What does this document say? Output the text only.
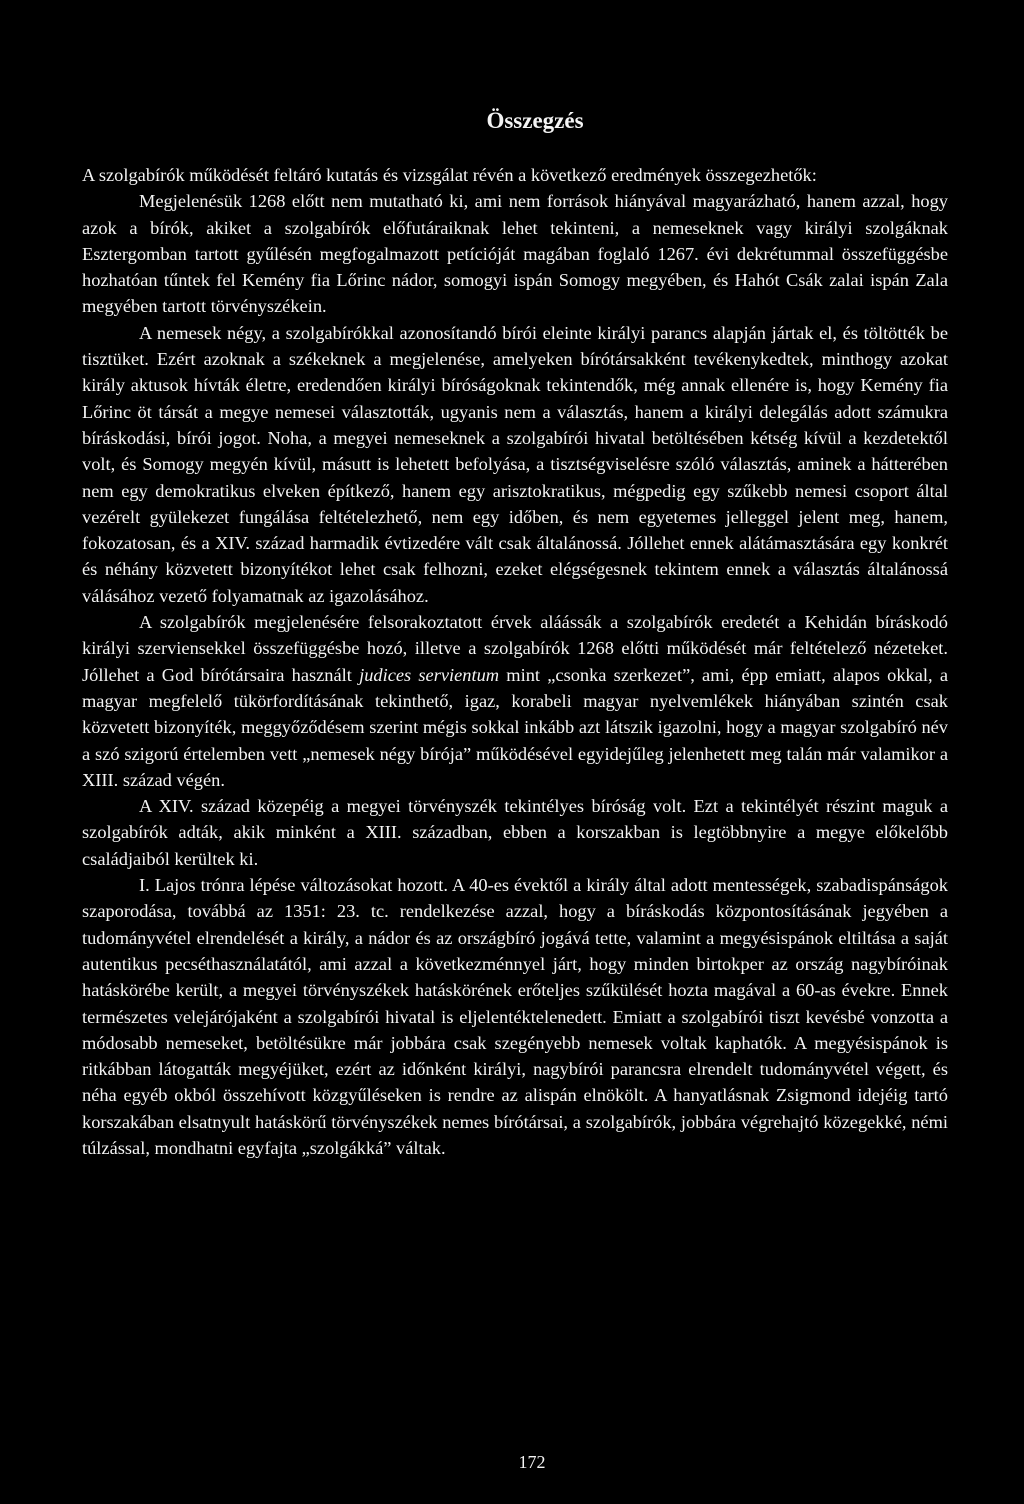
Összegzés

A szolgabírók működését feltáró kutatás és vizsgálat révén a következő eredmények összegezhetők:

Megjelenésük 1268 előtt nem mutatható ki, ami nem források hiányával magyarázható, hanem azzal, hogy azok a bírók, akiket a szolgabírók előfutáraiknak lehet tekinteni, a nemeseknek vagy királyi szolgáknak Esztergomban tartott gyűlésén megfogalmazott petícióját magában foglaló 1267. évi dekrétummal összefüggésbe hozhatóan tűntek fel Kemény fia Lőrinc nádor, somogyi ispán Somogy megyében, és Hahót Csák zalai ispán Zala megyében tartott törvényszékein.

A nemesek négy, a szolgabírókkal azonosítandó bírói eleinte királyi parancs alapján jártak el, és töltötték be tisztüket. Ezért azoknak a székeknek a megjelenése, amelyeken bírótársakként tevékenykedtek, minthogy azokat király aktusok hívták életre, eredendően királyi bíróságoknak tekintendők, még annak ellenére is, hogy Kemény fia Lőrinc öt társát a megye nemesei választották, ugyanis nem a választás, hanem a királyi delegálás adott számukra bíráskodási, bírói jogot. Noha, a megyei nemeseknek a szolgabírói hivatal betöltésében kétség kívül a kezdetektől volt, és Somogy megyén kívül, másutt is lehetett befolyása, a tisztségviselésre szóló választás, aminek a hátterében nem egy demokratikus elveken építkező, hanem egy arisztokratikus, mégpedig egy szűkebb nemesi csoport által vezérelt gyülekezet fungálása feltételezhető, nem egy időben, és nem egyetemes jelleggel jelent meg, hanem, fokozatosan, és a XIV. század harmadik évtizedére vált csak általánossá. Jóllehet ennek alátámasztására egy konkrét és néhány közvetett bizonyítékot lehet csak felhozni, ezeket elégségesnek tekintem ennek a választás általánossá válásához vezető folyamatnak az igazolásához.

A szolgabírók megjelenésére felsorakoztatott érvek aláássák a szolgabírók eredetét a Kehidán bíráskodó királyi szerviensekkel összefüggésbe hozó, illetve a szolgabírók 1268 előtti működését már feltételező nézeteket. Jóllehet a God bírótársaira használt judices servientum mint „csonka szerkezet”, ami, épp emiatt, alapos okkal, a magyar megfelelő tükörfordításának tekinthető, igaz, korabeli magyar nyelvemlékek hiányában szintén csak közvetett bizonyíték, meggyőződésem szerint mégis sokkal inkább azt látszik igazolni, hogy a magyar szolgabíró név a szó szigorú értelemben vett „nemesek négy bírója” működésével egyidejűleg jelenhetett meg talán már valamikor a XIII. század végén.

A XIV. század közepéig a megyei törvényszék tekintélyes bíróság volt. Ezt a tekintélyét részint maguk a szolgabírók adták, akik minként a XIII. században, ebben a korszakban is legtöbbnyire a megye előkelőbb családjaiból kerültek ki.

I. Lajos trónra lépése változásokat hozott. A 40-es évektől a király által adott mentességek, szabadispánságok szaporodása, továbbá az 1351: 23. tc. rendelkezése azzal, hogy a bíráskodás központosításának jegyében a tudományvétel elrendelését a király, a nádor és az országbíró jogává tette, valamint a megyésispánok eltiltása a saját autentikus pecséthasználatától, ami azzal a következménnyel járt, hogy minden birtokper az ország nagybíróinak hatáskörébe került, a megyei törvényszékek hatáskörének erőteljes szűkülését hozta magával a 60-as évekre. Ennek természetes velejárójaként a szolgabírói hivatal is eljelentéktelenedett. Emiatt a szolgabírói tiszt kevésbé vonzotta a módosabb nemeseket, betöltésükre már jobbára csak szegényebb nemesek voltak kaphatók. A megyésispánok is ritkábban látogatták megyéjüket, ezért az időnként királyi, nagybírói parancsra elrendelt tudományvétel végett, és néha egyéb okból összehívott közgyűléseken is rendre az alispán elnökölt. A hanyatlásnak Zsigmond idejéig tartó korszakában elsatnyult hatáskörű törvényszékek nemes bírótársai, a szolgabírók, jobbára végrehajtó közegekké, némi túlzással, mondhatni egyfajta „szolgákká” váltak.

172
